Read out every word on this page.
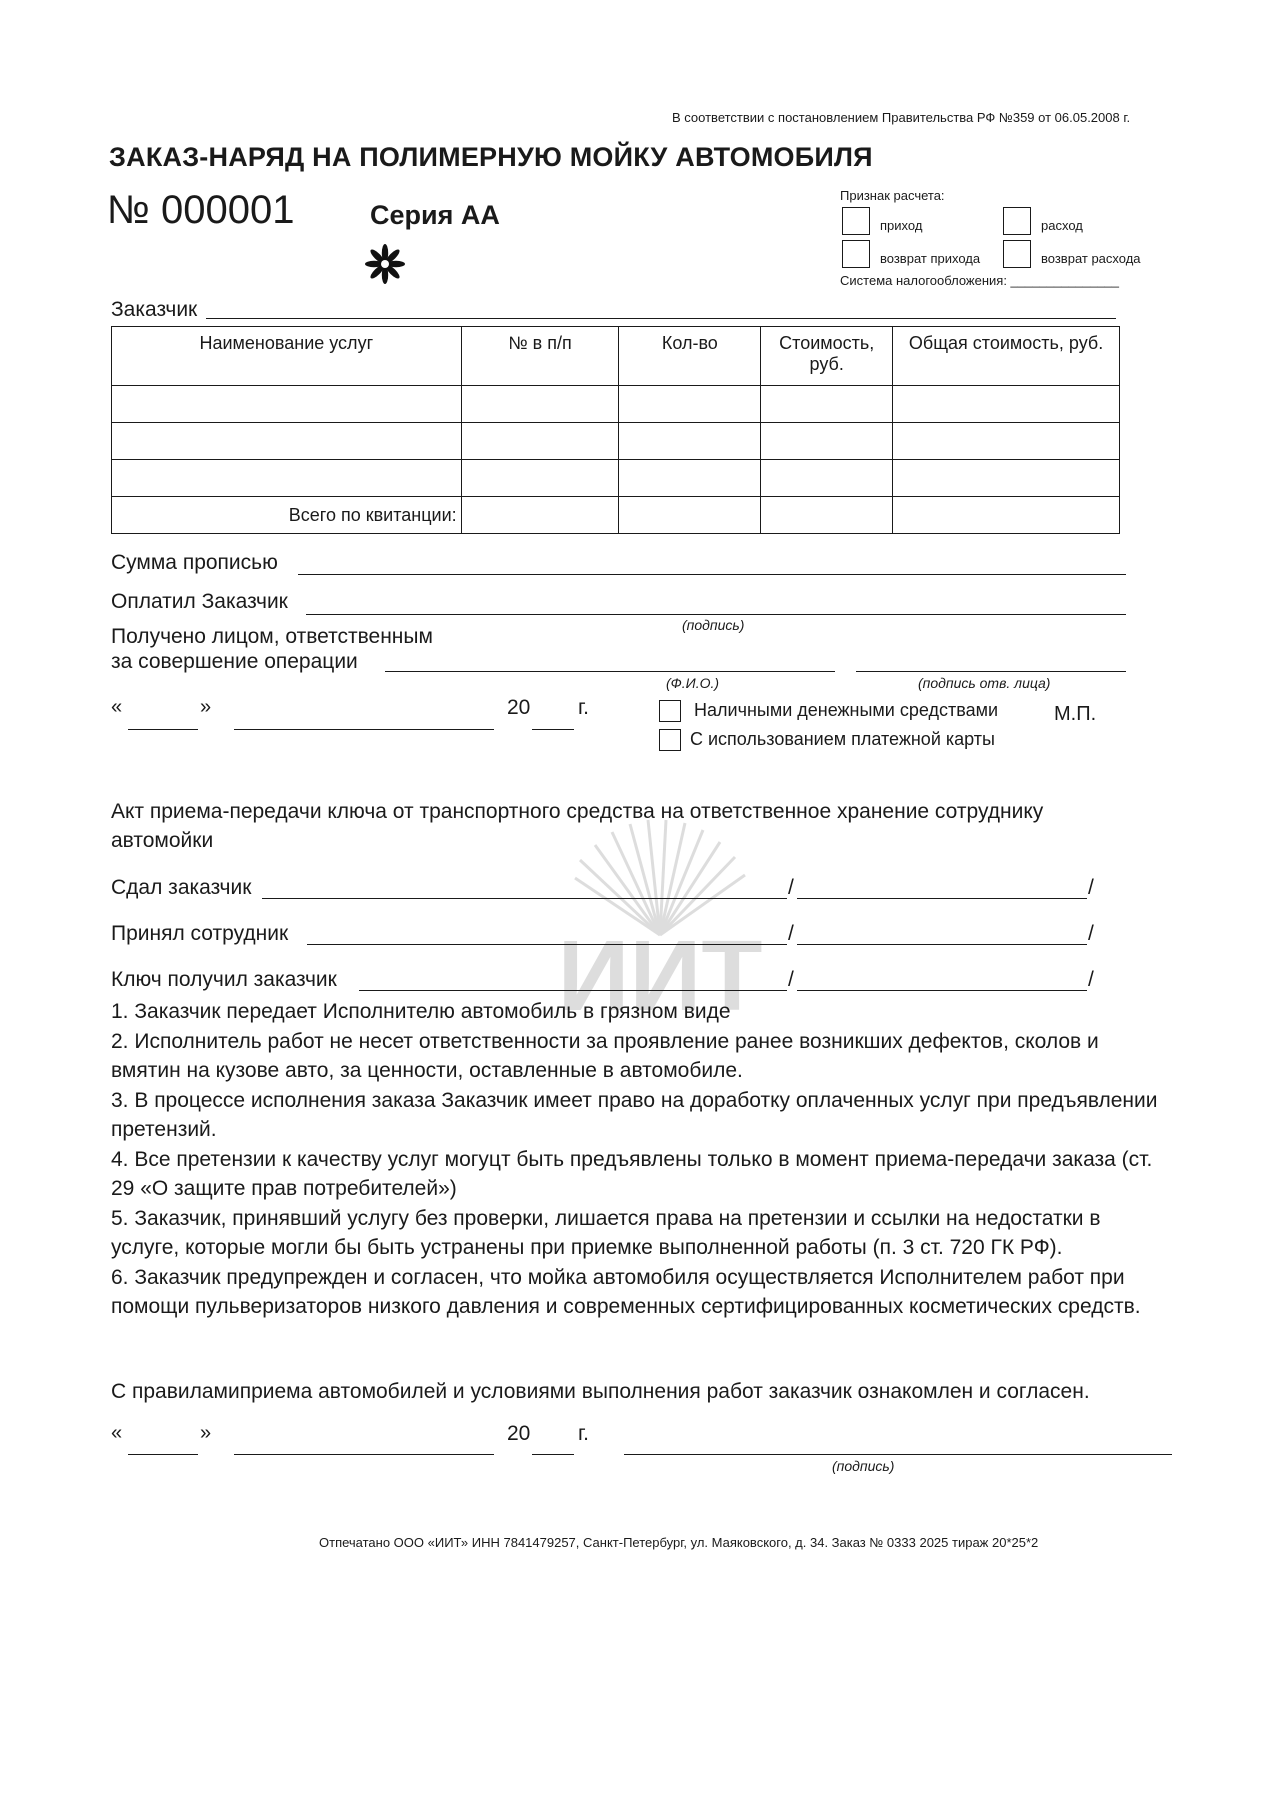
ИИТ
В соответствии с постановлением Правительства РФ №359 от 06.05.2008 г.
ЗАКАЗ-НАРЯД НА ПОЛИМЕРНУЮ МОЙКУ АВТОМОБИЛЯ
№ 000001	Серия АА
Признак расчета:
приход	расход
возврат прихода	возврат расхода
Система налогообложения: _______________
Заказчик
Наименование услуг	№ в п/п	Кол-во	Стоимость, руб.	Общая стоимость, руб.

Всего по квитанции:				
Сумма прописью
Оплатил Заказчик
(подпись)
Получено лицом, ответственным
за совершение операции
(Ф.И.О.)	(подпись отв. лица)
«	»	20 г.	Наличными денежными средствами
С использованием платежной карты
М.П.
Акт приема-передачи ключа от транспортного средства на ответственное хранение сотруднику автомойки
Сдал заказчик	/	/
Принял сотрудник	/	/
Ключ получил заказчик	/	/
1. Заказчик передает Исполнителю автомобиль в грязном виде
2. Исполнитель работ не несет ответственности за проявление ранее возникших дефектов, сколов и вмятин на кузове авто, за ценности, оставленные в автомобиле.
3. В процессе исполнения заказа Заказчик имеет право на доработку оплаченных услуг при предъявлении претензий.
4. Все претензии к качеству услуг могуцт быть предъявлены только в момент приема-передачи заказа (ст. 29 «О защите прав потребителей»)
5. Заказчик, принявший услугу без проверки, лишается права на претензии и ссылки на недостатки в услуге, которые могли бы быть устранены при приемке выполненной работы (п. 3 ст. 720 ГК РФ).
6. Заказчик предупрежден и согласен, что мойка автомобиля осуществляется Исполнителем работ при помощи пульверизаторов низкого давления и современных сертифицированных косметических средств.
С правиламиприема автомобилей и условиями выполнения работ заказчик ознакомлен и согласен.
«	»	20 г.
(подпись)
Отпечатано ООО «ИИТ» ИНН 7841479257, Санкт-Петербург, ул. Маяковского, д. 34. Заказ № 0333 2025 тираж 20*25*2
